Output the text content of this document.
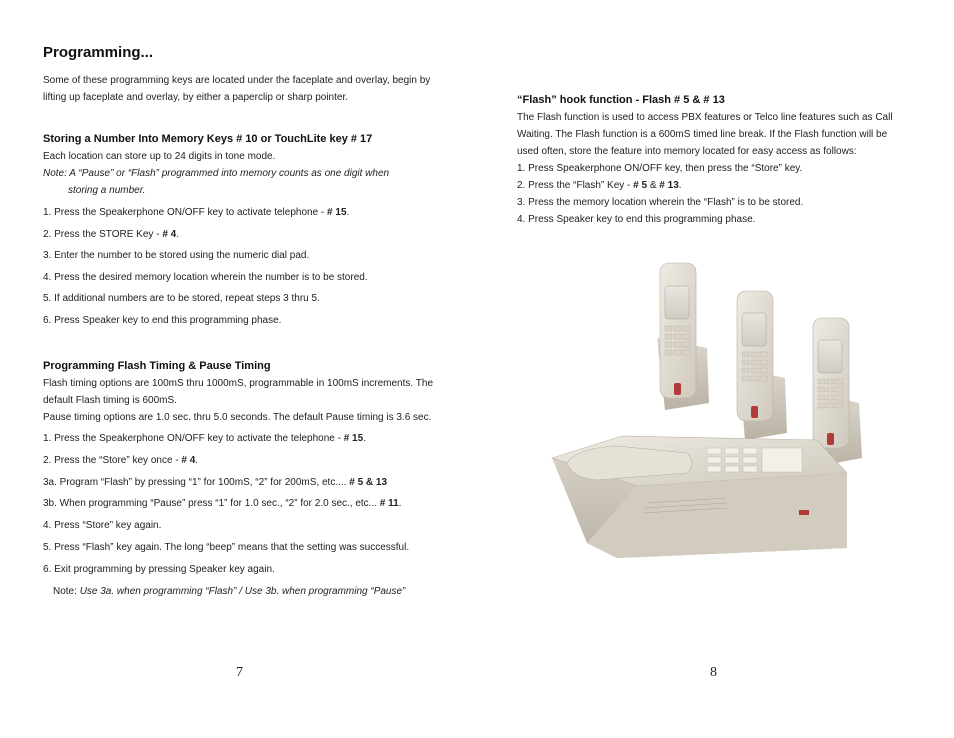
Programming...

Some of these programming keys are located under the faceplate and overlay, begin by

lifting up faceplate and overlay, by either a paperclip or sharp pointer.

Storing a Number Into Memory Keys # 10 or TouchLite key # 17

Each location can store up to 24 digits in tone mode.

Note: A “Pause” or “Flash” programmed into memory counts as one digit when

storing a number.

1. Press the Speakerphone ON/OFF key to activate telephone - # 15.

2. Press the STORE Key - # 4.

3. Enter the number to be stored using the numeric dial pad.

4. Press the desired memory location wherein the number is to be stored.

5. If additional numbers are to be stored, repeat steps 3 thru 5.

6. Press Speaker key to end this programming phase.

Programming Flash Timing & Pause Timing

Flash timing options are 100mS thru 1000mS, programmable in 100mS increments. The

default Flash timing is 600mS.

Pause timing options are 1.0 sec. thru 5.0 seconds. The default Pause timing is 3.6 sec.

1. Press the Speakerphone ON/OFF key to activate the telephone - # 15.

2. Press the “Store” key once - # 4.

3a. Program “Flash” by pressing “1” for 100mS, “2” for 200mS, etc.... # 5 & 13

3b. When programming “Pause” press “1” for 1.0 sec., “2” for 2.0 sec., etc... # 11.

4. Press “Store” key again.

5. Press “Flash” key again. The long “beep” means that the setting was successful.

6. Exit programming by pressing Speaker key again.

Note: Use 3a. when programming “Flash” / Use 3b. when programming “Pause”

7

“Flash” hook function - Flash # 5 & # 13

The Flash function is used to access PBX features or Telco line features such as Call

Waiting. The Flash function is a 600mS timed line break. If the Flash function will be

used often, store the feature into memory located for easy access as follows:

1. Press Speakerphone ON/OFF key, then press the “Store” key.

2. Press the “Flash” Key - # 5 & # 13.

3. Press the memory location wherein the “Flash” is to be stored.

4. Press Speaker key to end this programming phase.

8
